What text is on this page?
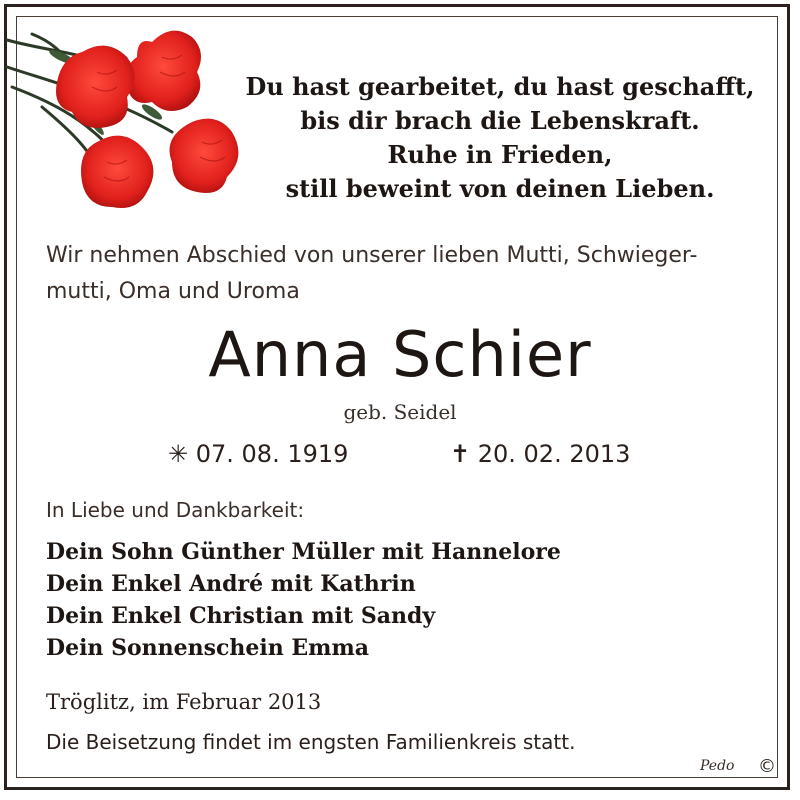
Du hast gearbeitet, du hast geschafft,
bis dir brach die Lebenskraft.
Ruhe in Frieden,
still beweint von deinen Lieben.
Wir nehmen Abschied von unserer lieben Mutti, Schwieger-
mutti, Oma und Uroma
Anna Schier
geb. Seidel
✳ 07. 08. 1919	✝ 20. 02. 2013
In Liebe und Dankbarkeit:
Dein Sohn Günther Müller mit Hannelore
Dein Enkel André mit Kathrin
Dein Enkel Christian mit Sandy
Dein Sonnenschein Emma
Tröglitz, im Februar 2013
Die Beisetzung findet im engsten Familienkreis statt.
Pedo ©
